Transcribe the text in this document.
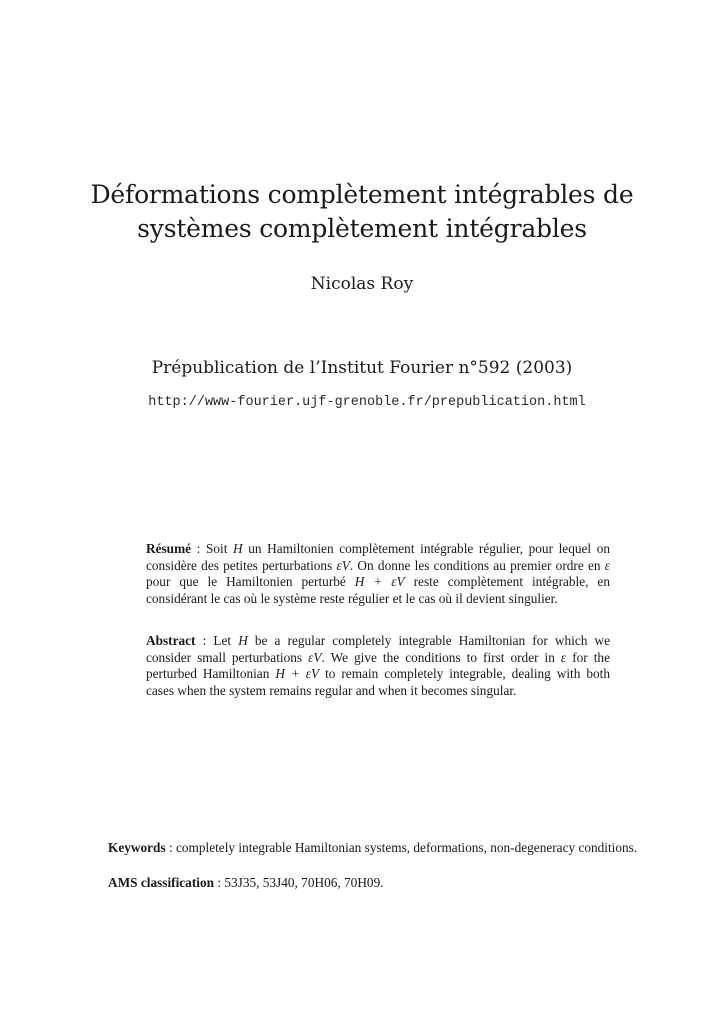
Déformations complètement intégrables de
systèmes complètement intégrables
Nicolas Roy
Prépublication de l’Institut Fourier n°592 (2003)
http://www-fourier.ujf-grenoble.fr/prepublication.html
Résumé : Soit H un Hamiltonien complètement intégrable régulier, pour lequel on considère des petites perturbations εV. On donne les conditions au premier ordre en ε pour que le Hamiltonien perturbé H + εV reste complètement intégrable, en considérant le cas où le système reste régulier et le cas où il devient singulier.
Abstract : Let H be a regular completely integrable Hamiltonian for which we consider small perturbations εV. We give the conditions to first order in ε for the perturbed Hamiltonian H + εV to remain completely integrable, dealing with both cases when the system remains regular and when it becomes singular.
Keywords : completely integrable Hamiltonian systems, deformations, non-degeneracy conditions.
AMS classification : 53J35, 53J40, 70H06, 70H09.
